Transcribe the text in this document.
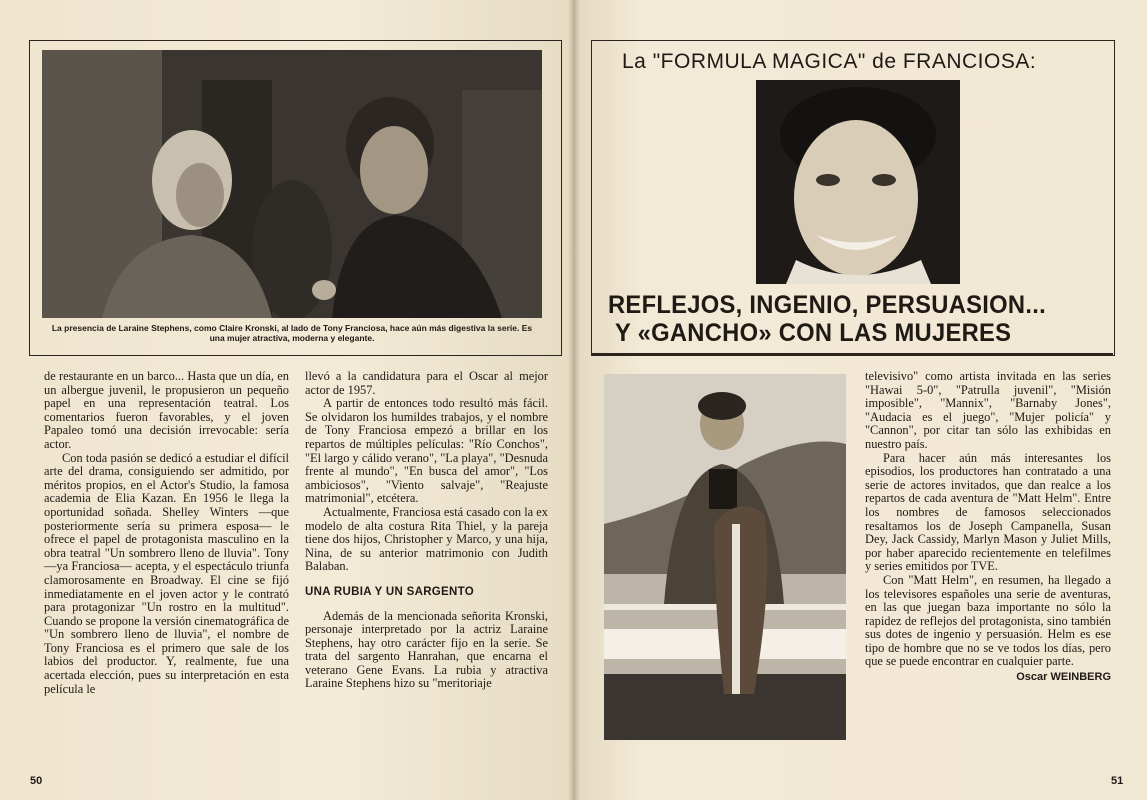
La presencia de Laraine Stephens, como Claire Kronski, al lado de Tony Franciosa, hace aún más digestiva la serie. Es una mujer atractiva, moderna y elegante.

de restaurante en un barco... Hasta que un día, en un albergue juvenil, le propusieron un pequeño papel en una representación teatral. Los comentarios fueron favorables, y el joven Papaleo tomó una decisión irrevocable: sería actor.

Con toda pasión se dedicó a estudiar el difícil arte del drama, consiguiendo ser admitido, por méritos propios, en el Actor's Studio, la famosa academia de Elia Kazan. En 1956 le llega la oportunidad soñada. Shelley Winters —que posteriormente sería su primera esposa— le ofrece el papel de protagonista masculino en la obra teatral "Un sombrero lleno de lluvia". Tony —ya Franciosa— acepta, y el espectáculo triunfa clamorosamente en Broadway. El cine se fijó inmediatamente en el joven actor y le contrató para protagonizar "Un rostro en la multitud". Cuando se propone la versión cinematográfica de "Un sombrero lleno de lluvia", el nombre de Tony Franciosa es el primero que sale de los labios del productor. Y, realmente, fue una acertada elección, pues su interpretación en esta película le

llevó a la candidatura para el Oscar al mejor actor de 1957.

A partir de entonces todo resultó más fácil. Se olvidaron los humildes trabajos, y el nombre de Tony Franciosa empezó a brillar en los repartos de múltiples películas: "Río Conchos", "El largo y cálido verano", "La playa", "Desnuda frente al mundo", "En busca del amor", "Los ambiciosos", "Viento salvaje", "Reajuste matrimonial", etcétera.

Actualmente, Franciosa está casado con la ex modelo de alta costura Rita Thiel, y la pareja tiene dos hijos, Christopher y Marco, y una hija, Nina, de su anterior matrimonio con Judith Balaban.

UNA RUBIA Y UN SARGENTO

Además de la mencionada señorita Kronski, personaje interpretado por la actriz Laraine Stephens, hay otro carácter fijo en la serie. Se trata del sargento Hanrahan, que encarna el veterano Gene Evans. La rubia y atractiva Laraine Stephens hizo su "meritoriaje

50
La "FORMULA MAGICA" de FRANCIOSA:
REFLEJOS, INGENIO, PERSUASION...
Y «GANCHO» CON LAS MUJERES

televisivo" como artista invitada en las series "Hawai 5-0", "Patrulla juvenil", "Misión imposible", "Mannix", "Barnaby Jones", "Audacia es el juego", "Mujer policía" y "Cannon", por citar tan sólo las exhibidas en nuestro país.

Para hacer aún más interesantes los episodios, los productores han contratado a una serie de actores invitados, que dan realce a los repartos de cada aventura de "Matt Helm". Entre los nombres de famosos seleccionados resaltamos los de Joseph Campanella, Susan Dey, Jack Cassidy, Marlyn Mason y Juliet Mills, por haber aparecido recientemente en telefilmes y series emitidos por TVE.

Con "Matt Helm", en resumen, ha llegado a los televisores españoles una serie de aventuras, en las que juegan baza importante no sólo la rapidez de reflejos del protagonista, sino también sus dotes de ingenio y persuasión. Helm es ese tipo de hombre que no se ve todos los días, pero que se puede encontrar en cualquier parte.

Oscar WEINBERG

51
